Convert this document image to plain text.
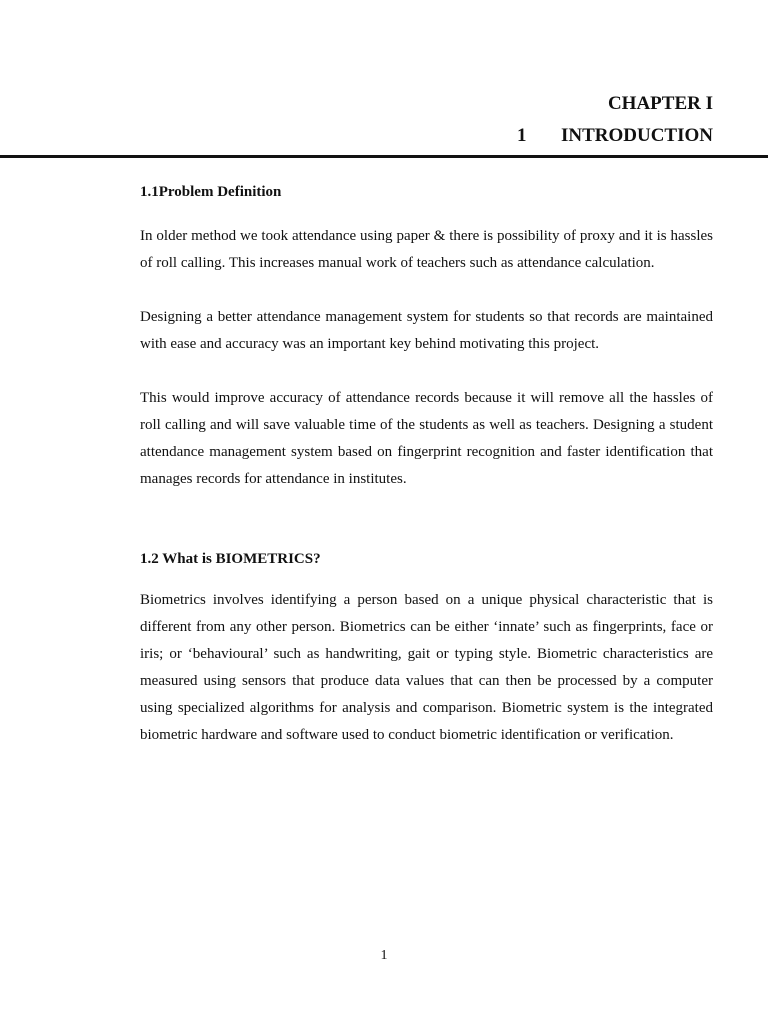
CHAPTER I
1 INTRODUCTION
1.1Problem Definition

In older method we took attendance using paper & there is possibility of proxy and it is hassles of roll calling. This increases manual work of teachers such as attendance calculation.

Designing a better attendance management system for students so that records are maintained with ease and accuracy was an important key behind motivating this project.

This would improve accuracy of attendance records because it will remove all the hassles of roll calling and will save valuable time of the students as well as teachers. Designing a student attendance management system based on fingerprint recognition and faster identification that manages records for attendance in institutes.

1.2 What is BIOMETRICS?

Biometrics involves identifying a person based on a unique physical characteristic that is different from any other person. Biometrics can be either ‘innate’ such as fingerprints, face or iris; or ‘behavioural’ such as handwriting, gait or typing style. Biometric characteristics are measured using sensors that produce data values that can then be processed by a computer using specialized algorithms for analysis and comparison. Biometric system is the integrated biometric hardware and software used to conduct biometric identification or verification.

1
